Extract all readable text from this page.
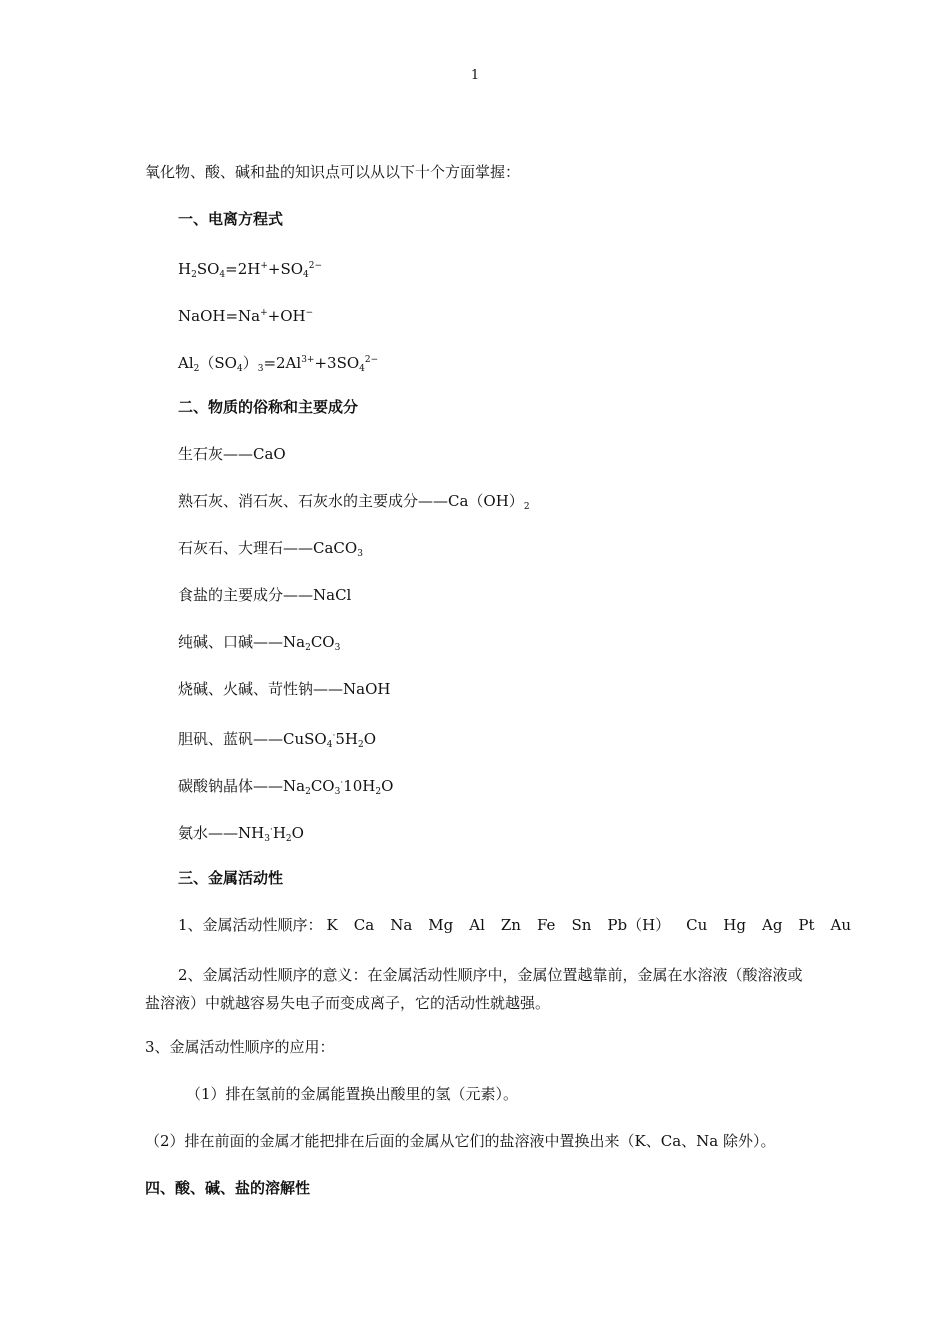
1
氧化物、酸、碱和盐的知识点可以从以下十个方面掌握：
一、电离方程式
$H_2SO_4=2H^++SO_4^{2-}$
NaOH=Na++OH−
$Al_2(SO_4)_3=2Al^{3+}+3SO_4^{2-}$
二、物质的俗称和主要成分
生石灰——CaO
熟石灰、消石灰、石灰水的主要成分$——Ca(OH)_2$
石灰石、大理石——CaCO$_3$
食盐的主要成分——NaCl
纯碱、口碱$——Na_2CO_3$
烧碱、火碱、苛性钠——NaOH
胆矾、蓝矾$——CuSO_4^\cdot 5H_2O$
碳酸钠晶体$——Na_2CO_3^\cdot 10H_2O$
氨水$——NH_3^\cdot H_2O$
三、金属活动性
1、金属活动性顺序： K Ca Na Mg Al Zn Fe Sn Pb（H） Cu Hg Ag Pt Au
2、金属活动性顺序的意义：在金属活动性顺序中，金属位置越靠前，金属在水溶液（酸溶液或盐溶液）中就越容易失电子而变成离子，它的活动性就越强。
3、金属活动性顺序的应用：
（1）排在氢前的金属能置换出酸里的氢（元素）。
（2）排在前面的金属才能把排在后面的金属从它们的盐溶液中置换出来（K、Ca、Na 除外）。
四、酸、碱、盐的溶解性
